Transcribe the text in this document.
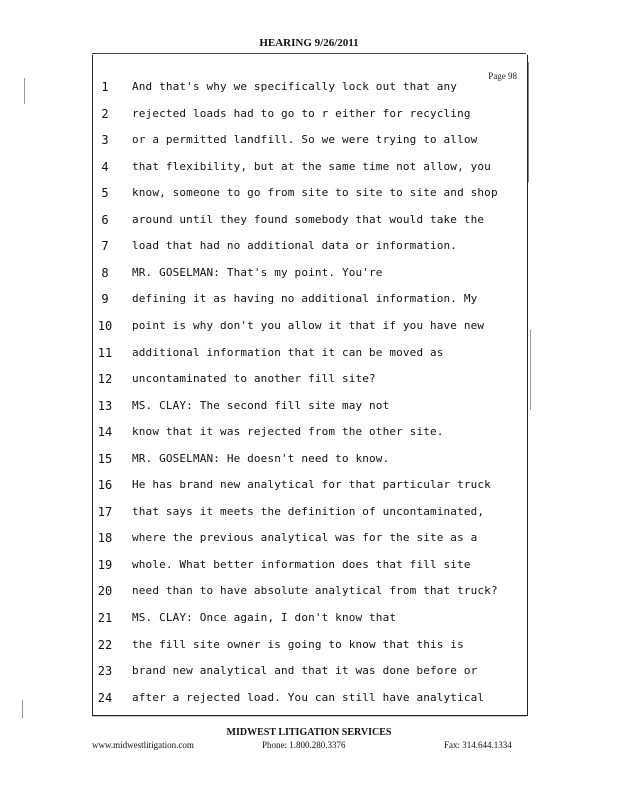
HEARING 9/26/2011
Page 98
1	And that's why we specifically lock out that any
2	rejected loads had to go to r either for recycling
3	or a permitted landfill. So we were trying to allow
4	that flexibility, but at the same time not allow, you
5	know, someone to go from site to site to site and shop
6	around until they found somebody that would take the
7	load that had no additional data or information.
8	MR. GOSELMAN: That's my point. You're
9	defining it as having no additional information. My
10	point is why don't you allow it that if you have new
11	additional information that it can be moved as
12	uncontaminated to another fill site?
13	MS. CLAY: The second fill site may not
14	know that it was rejected from the other site.
15	MR. GOSELMAN: He doesn't need to know.
16	He has brand new analytical for that particular truck
17	that says it meets the definition of uncontaminated,
18	where the previous analytical was for the site as a
19	whole. What better information does that fill site
20	need than to have absolute analytical from that truck?
21	MS. CLAY: Once again, I don't know that
22	the fill site owner is going to know that this is
23	brand new analytical and that it was done before or
24	after a rejected load. You can still have analytical
MIDWEST LITIGATION SERVICES
www.midwestlitigation.com	Phone: 1.800.280.3376	Fax: 314.644.1334
